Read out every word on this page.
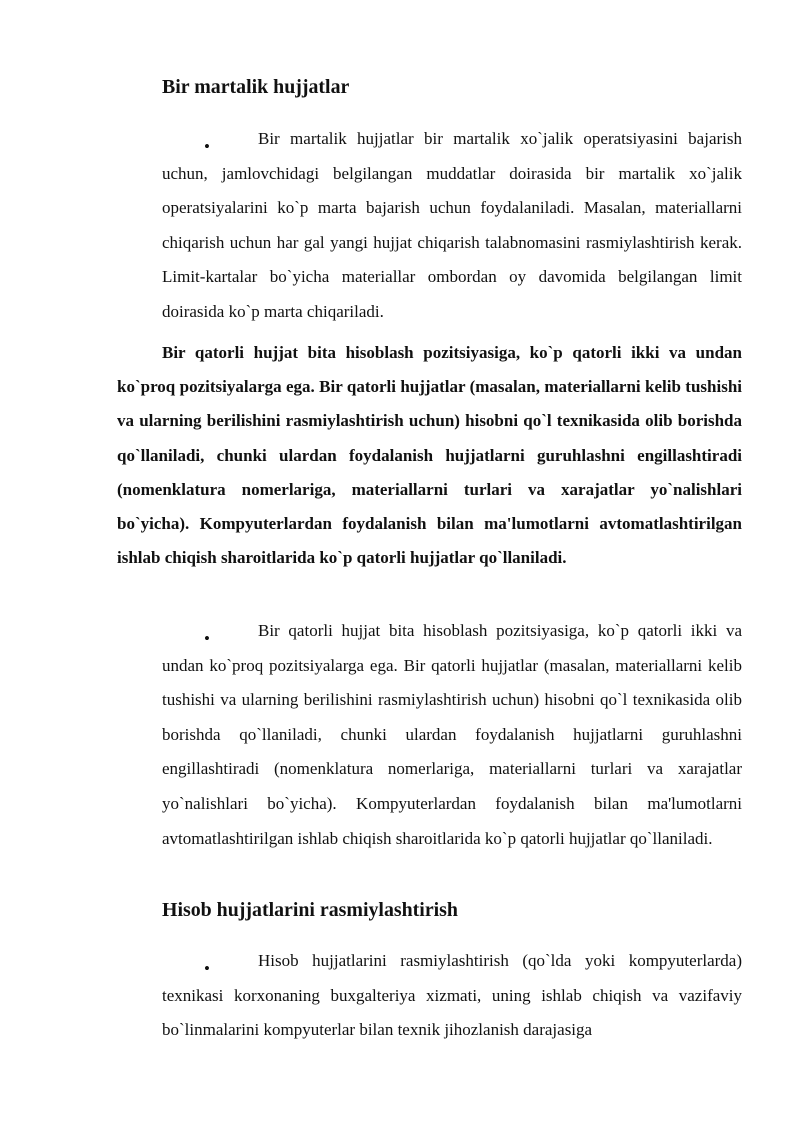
Bir martalik hujjatlar

Bir martalik hujjatlar bir martalik xo`jalik operatsiyasini bajarish uchun, jamlovchidagi belgilangan muddatlar doirasida bir martalik xo`jalik operatsiyalarini ko`p marta bajarish uchun foydalaniladi. Masalan, materiallarni chiqarish uchun har gal yangi hujjat chiqarish talabnomasini rasmiylashtirish kerak. Limit-kartalar bo`yicha materiallar ombordan oy davomida belgilangan limit doirasida ko`p marta chiqariladi.

Bir qatorli hujjat bita hisoblash pozitsiyasiga, ko`p qatorli ikki va undan ko`proq pozitsiyalarga ega. Bir qatorli hujjatlar (masalan, materiallarni kelib tushishi va ularning berilishini rasmiylashtirish uchun) hisobni qo`l texnikasida olib borishda qo`llaniladi, chunki ulardan foydalanish hujjatlarni guruhlashni engillashtiradi (nomenklatura nomerlariga, materiallarni turlari va xarajatlar yo`nalishlari bo`yicha). Kompyuterlardan foydalanish bilan ma'lumotlarni avtomatlashtirilgan ishlab chiqish sharoitlarida ko`p qatorli hujjatlar qo`llaniladi.

Bir qatorli hujjat bita hisoblash pozitsiyasiga, ko`p qatorli ikki va undan ko`proq pozitsiyalarga ega. Bir qatorli hujjatlar (masalan, materiallarni kelib tushishi va ularning berilishini rasmiylashtirish uchun) hisobni qo`l texnikasida olib borishda qo`llaniladi, chunki ulardan foydalanish hujjatlarni guruhlashni engillashtiradi (nomenklatura nomerlariga, materiallarni turlari va xarajatlar yo`nalishlari bo`yicha). Kompyuterlardan foydalanish bilan ma'lumotlarni avtomatlashtirilgan ishlab chiqish sharoitlarida ko`p qatorli hujjatlar qo`llaniladi.

Hisob hujjatlarini rasmiylashtirish

Hisob hujjatlarini rasmiylashtirish (qo`lda yoki kompyuterlarda) texnikasi korxonaning buxgalteriya xizmati, uning ishlab chiqish va vazifaviy bo`linmalarini kompyuterlar bilan texnik jihozlanish darajasiga
